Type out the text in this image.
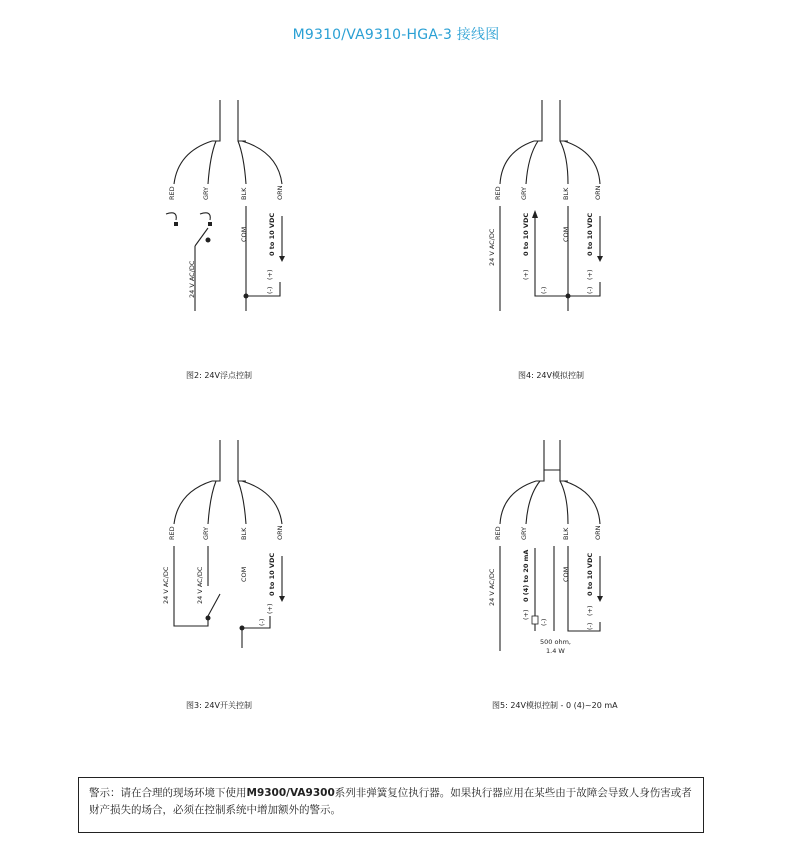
M9310/VA9310-HGA-3 接线图
RED	GRY	BLK	ORN
24 V AC/DC
COM	0 to 10 VDC
(+)
(-)
图2: 24V浮点控制
RED	GRY	BLK	ORN
24 V AC/DC	0 to 10 VDC
(+)
(-)
COM 0 to 10 VDC
(+)
(-)
图4: 24V模拟控制
RED	GRY	BLK	ORN
24 V AC/DC	24 V AC/DC	COM	0 to 10 VDC
(+)
(-)
图3: 24V开关控制
RED	GRY	BLK	ORN
24 V AC/DC	0 (4) to 20 mA
(+)
(-)
COM 0 to 10 VDC
(+)
(-)
500 ohm,
1.4 W
图5: 24V模拟控制 - 0 (4)~20 mA
警示：请在合理的现场环境下使用M9300/VA9300系列非弹簧复位执行器。如果执行器应用在某些由于故障会导致人身伤害或者财产损失的场合，必须在控制系统中增加额外的警示。
